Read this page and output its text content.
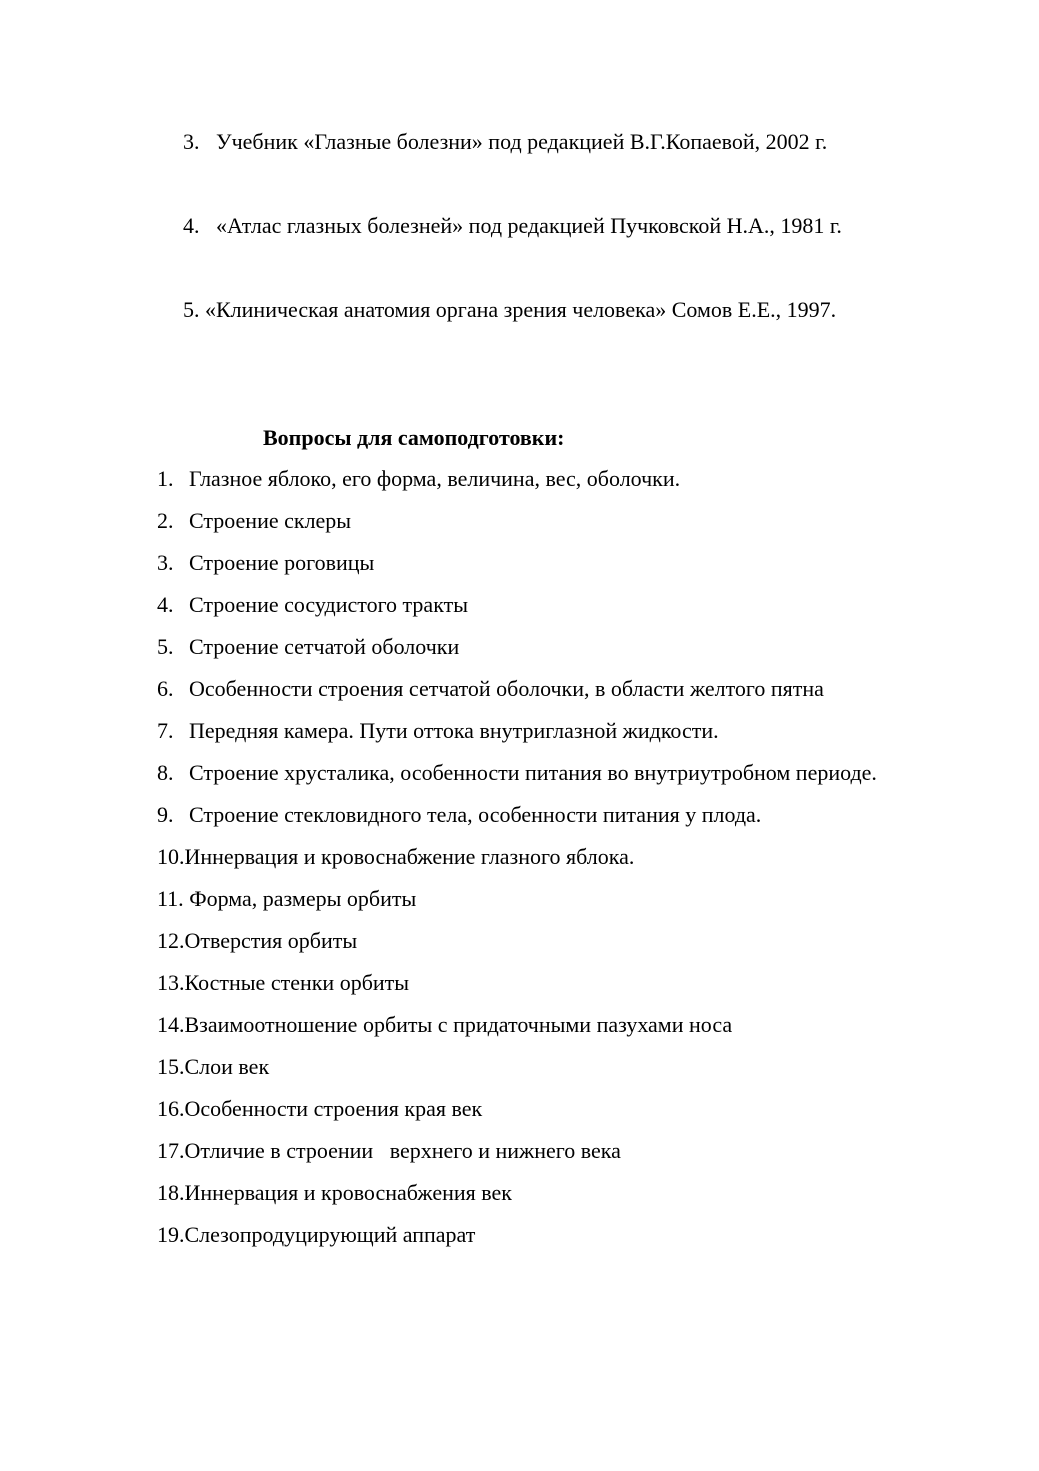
3. Учебник «Глазные болезни» под редакцией В.Г.Копаевой, 2002 г.
4. «Атлас глазных болезней» под редакцией Пучковской Н.А., 1981 г.
5. «Клиническая анатомия органа зрения человека» Сомов Е.Е., 1997.
Вопросы для самоподготовки:
1. Глазное яблоко, его форма, величина, вес, оболочки.
2. Строение склеры
3. Строение роговицы
4. Строение сосудистого тракты
5. Строение сетчатой оболочки
6. Особенности строения сетчатой оболочки, в области желтого пятна
7. Передняя камера. Пути оттока внутриглазной жидкости.
8. Строение хрусталика, особенности питания во внутриутробном периоде.
9. Строение стекловидного тела, особенности питания у плода.
10. Иннервация и кровоснабжение глазного яблока.
11. Форма, размеры орбиты
12. Отверстия орбиты
13. Костные стенки орбиты
14. Взаимоотношение орбиты с придаточными пазухами носа
15. Слои век
16. Особенности строения края век
17. Отличие в строении   верхнего и нижнего века
18. Иннервация и кровоснабжения век
19. Слезопродуцирующий аппарат
